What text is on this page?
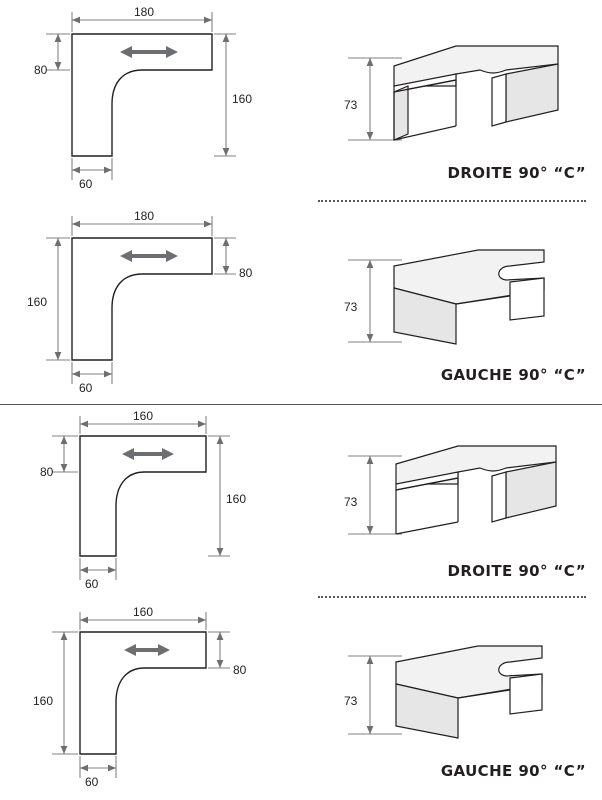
180
80
160
60
180
160
80
60
73
DROITE 90° “C”
73
GAUCHE 90° “C”
160
80
160
60
160
160
80
60
73
DROITE 90° “C”
73
GAUCHE 90° “C”
